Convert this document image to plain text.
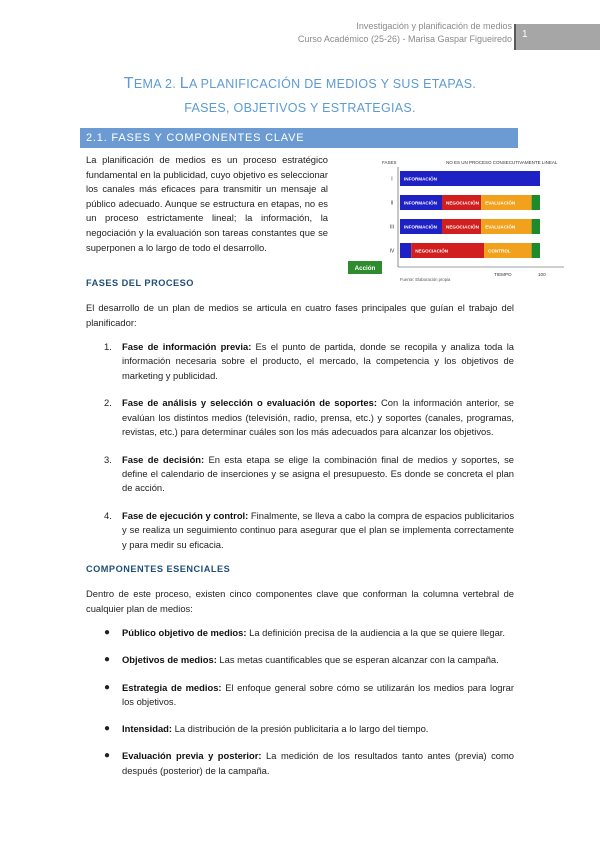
Investigación y planificación de medios
Curso Académico (25-26) - Marisa Gaspar Figueiredo 1
TEMA 2. LA PLANIFICACIÓN DE MEDIOS Y SUS ETAPAS.
FASES, OBJETIVOS Y ESTRATEGIAS.
2.1. FASES Y COMPONENTES CLAVE

La planificación de medios es un proceso estratégico fundamental en la publicidad, cuyo objetivo es seleccionar los canales más eficaces para transmitir un mensaje al público adecuado. Aunque se estructura en etapas, no es un proceso estrictamente lineal; la información, la negociación y la evaluación son tareas constantes que se superponen a lo largo de todo el desarrollo.

FASES	NO ES UN PROCESO CONSECUTIVAMENTE LINEAL
I INFORMACIÓN
II INFORMACIÓN NEGOCIACIÓN EVALUACIÓN
III INFORMACIÓN NEGOCIACIÓN EVALUACIÓN
IV	NEGOCIACIÓN	CONTROL
Acción
TIEMPO	100
Fuente: Elaboración propia
FASES DEL PROCESO

El desarrollo de un plan de medios se articula en cuatro fases principales que guían el trabajo del planificador:

1. Fase de información previa: Es el punto de partida, donde se recopila y analiza toda la información necesaria sobre el producto, el mercado, la competencia y los objetivos de marketing y publicidad.
2. Fase de análisis y selección o evaluación de soportes: Con la información anterior, se evalúan los distintos medios (televisión, radio, prensa, etc.) y soportes (canales, programas, revistas, etc.) para determinar cuáles son los más adecuados para alcanzar los objetivos.
3. Fase de decisión: En esta etapa se elige la combinación final de medios y soportes, se define el calendario de inserciones y se asigna el presupuesto. Es donde se concreta el plan de acción.
4. Fase de ejecución y control: Finalmente, se lleva a cabo la compra de espacios publicitarios y se realiza un seguimiento continuo para asegurar que el plan se implementa correctamente y para medir su eficacia.
COMPONENTES ESENCIALES

Dentro de este proceso, existen cinco componentes clave que conforman la columna vertebral de cualquier plan de medios:

● Público objetivo de medios: La definición precisa de la audiencia a la que se quiere llegar.
● Objetivos de medios: Las metas cuantificables que se esperan alcanzar con la campaña.
● Estrategia de medios: El enfoque general sobre cómo se utilizarán los medios para lograr los objetivos.
● Intensidad: La distribución de la presión publicitaria a lo largo del tiempo.
● Evaluación previa y posterior: La medición de los resultados tanto antes (previa) como después (posterior) de la campaña.
